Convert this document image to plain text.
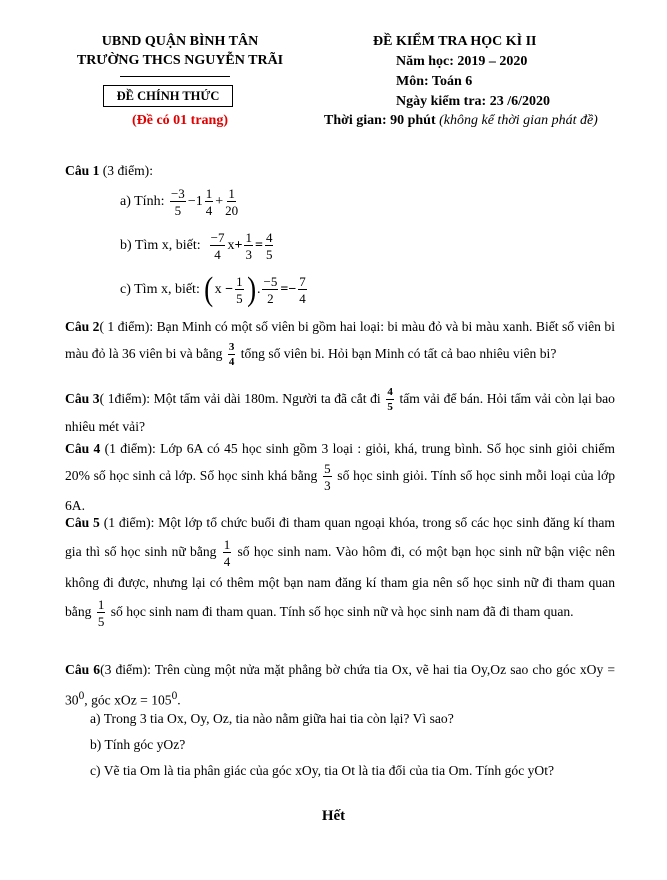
UBND QUẬN BÌNH TÂN
TRƯỜNG THCS NGUYỄN TRÃI
ĐỀ CHÍNH THỨC
(Đề có 01 trang)
ĐỀ KIỂM TRA HỌC KÌ II
Năm học: 2019 – 2020
Môn: Toán 6
Ngày kiểm tra: 23 /6/2020
Thời gian: 90 phút (không kể thời gian phát đề)
Câu 1 (3 điểm):
a) Tính:
$\frac{-3}{5} -1 \frac{1}{4} + \frac{1}{20}$
b) Tìm x, biết:
$\frac{-7}{4}$ $x + \frac{1}{3} = \frac{4}{5}$
c) Tìm x, biết:
( x
− $\frac{1}{5}$ ) . $\frac{-5}{2}$ = − $\frac{7}{4}$
Câu 2( 1 điểm): Bạn Minh có một số viên bi gồm hai loại: bi màu đỏ và bi màu xanh. Biết số viên bi màu đỏ là 36 viên bi và bằng $\frac{3}{4}$ tổng số viên bi. Hỏi bạn Minh có tất cả bao nhiêu viên bi?
Câu 3( 1điểm): Một tấm vải dài 180m. Người ta đã cắt đi $\frac{4}{5}$ tấm vải để bán. Hỏi tấm vải còn lại bao nhiêu mét vải?
Câu 4 (1 điểm): Lớp 6A có 45 học sinh gồm 3 loại : giỏi, khá, trung bình. Số học sinh giỏi chiếm 20% số học sinh cả lớp. Số học sinh khá bằng $\frac{5}{3}$ số học sinh giỏi. Tính số học sinh mỗi loại của lớp 6A.
Câu 5 (1 điểm): Một lớp tổ chức buổi đi tham quan ngoại khóa, trong số các học sinh đăng kí tham gia thì số học sinh nữ bằng $\frac{1}{4}$ số học sinh nam. Vào hôm đi, có một bạn học sinh nữ bận việc nên không đi được, nhưng lại có thêm một bạn nam đăng kí tham gia nên số học sinh nữ đi tham quan bằng $\frac{1}{5}$ số học sinh nam đi tham quan. Tính số học sinh nữ và học sinh nam đã đi tham quan.
Câu 6(3 điểm): Trên cùng một nửa mặt phẳng bờ chứa tia Ox, vẽ hai tia Oy,Oz sao cho góc xOy = $30^0$, góc xOz = $105^0$.
a) Trong 3 tia Ox, Oy, Oz, tia nào nằm giữa hai tia còn lại? Vì sao?
b) Tính góc yOz?
c) Vẽ tia Om là tia phân giác của góc xOy, tia Ot là tia đối của tia Om. Tính góc yOt?
Hết
